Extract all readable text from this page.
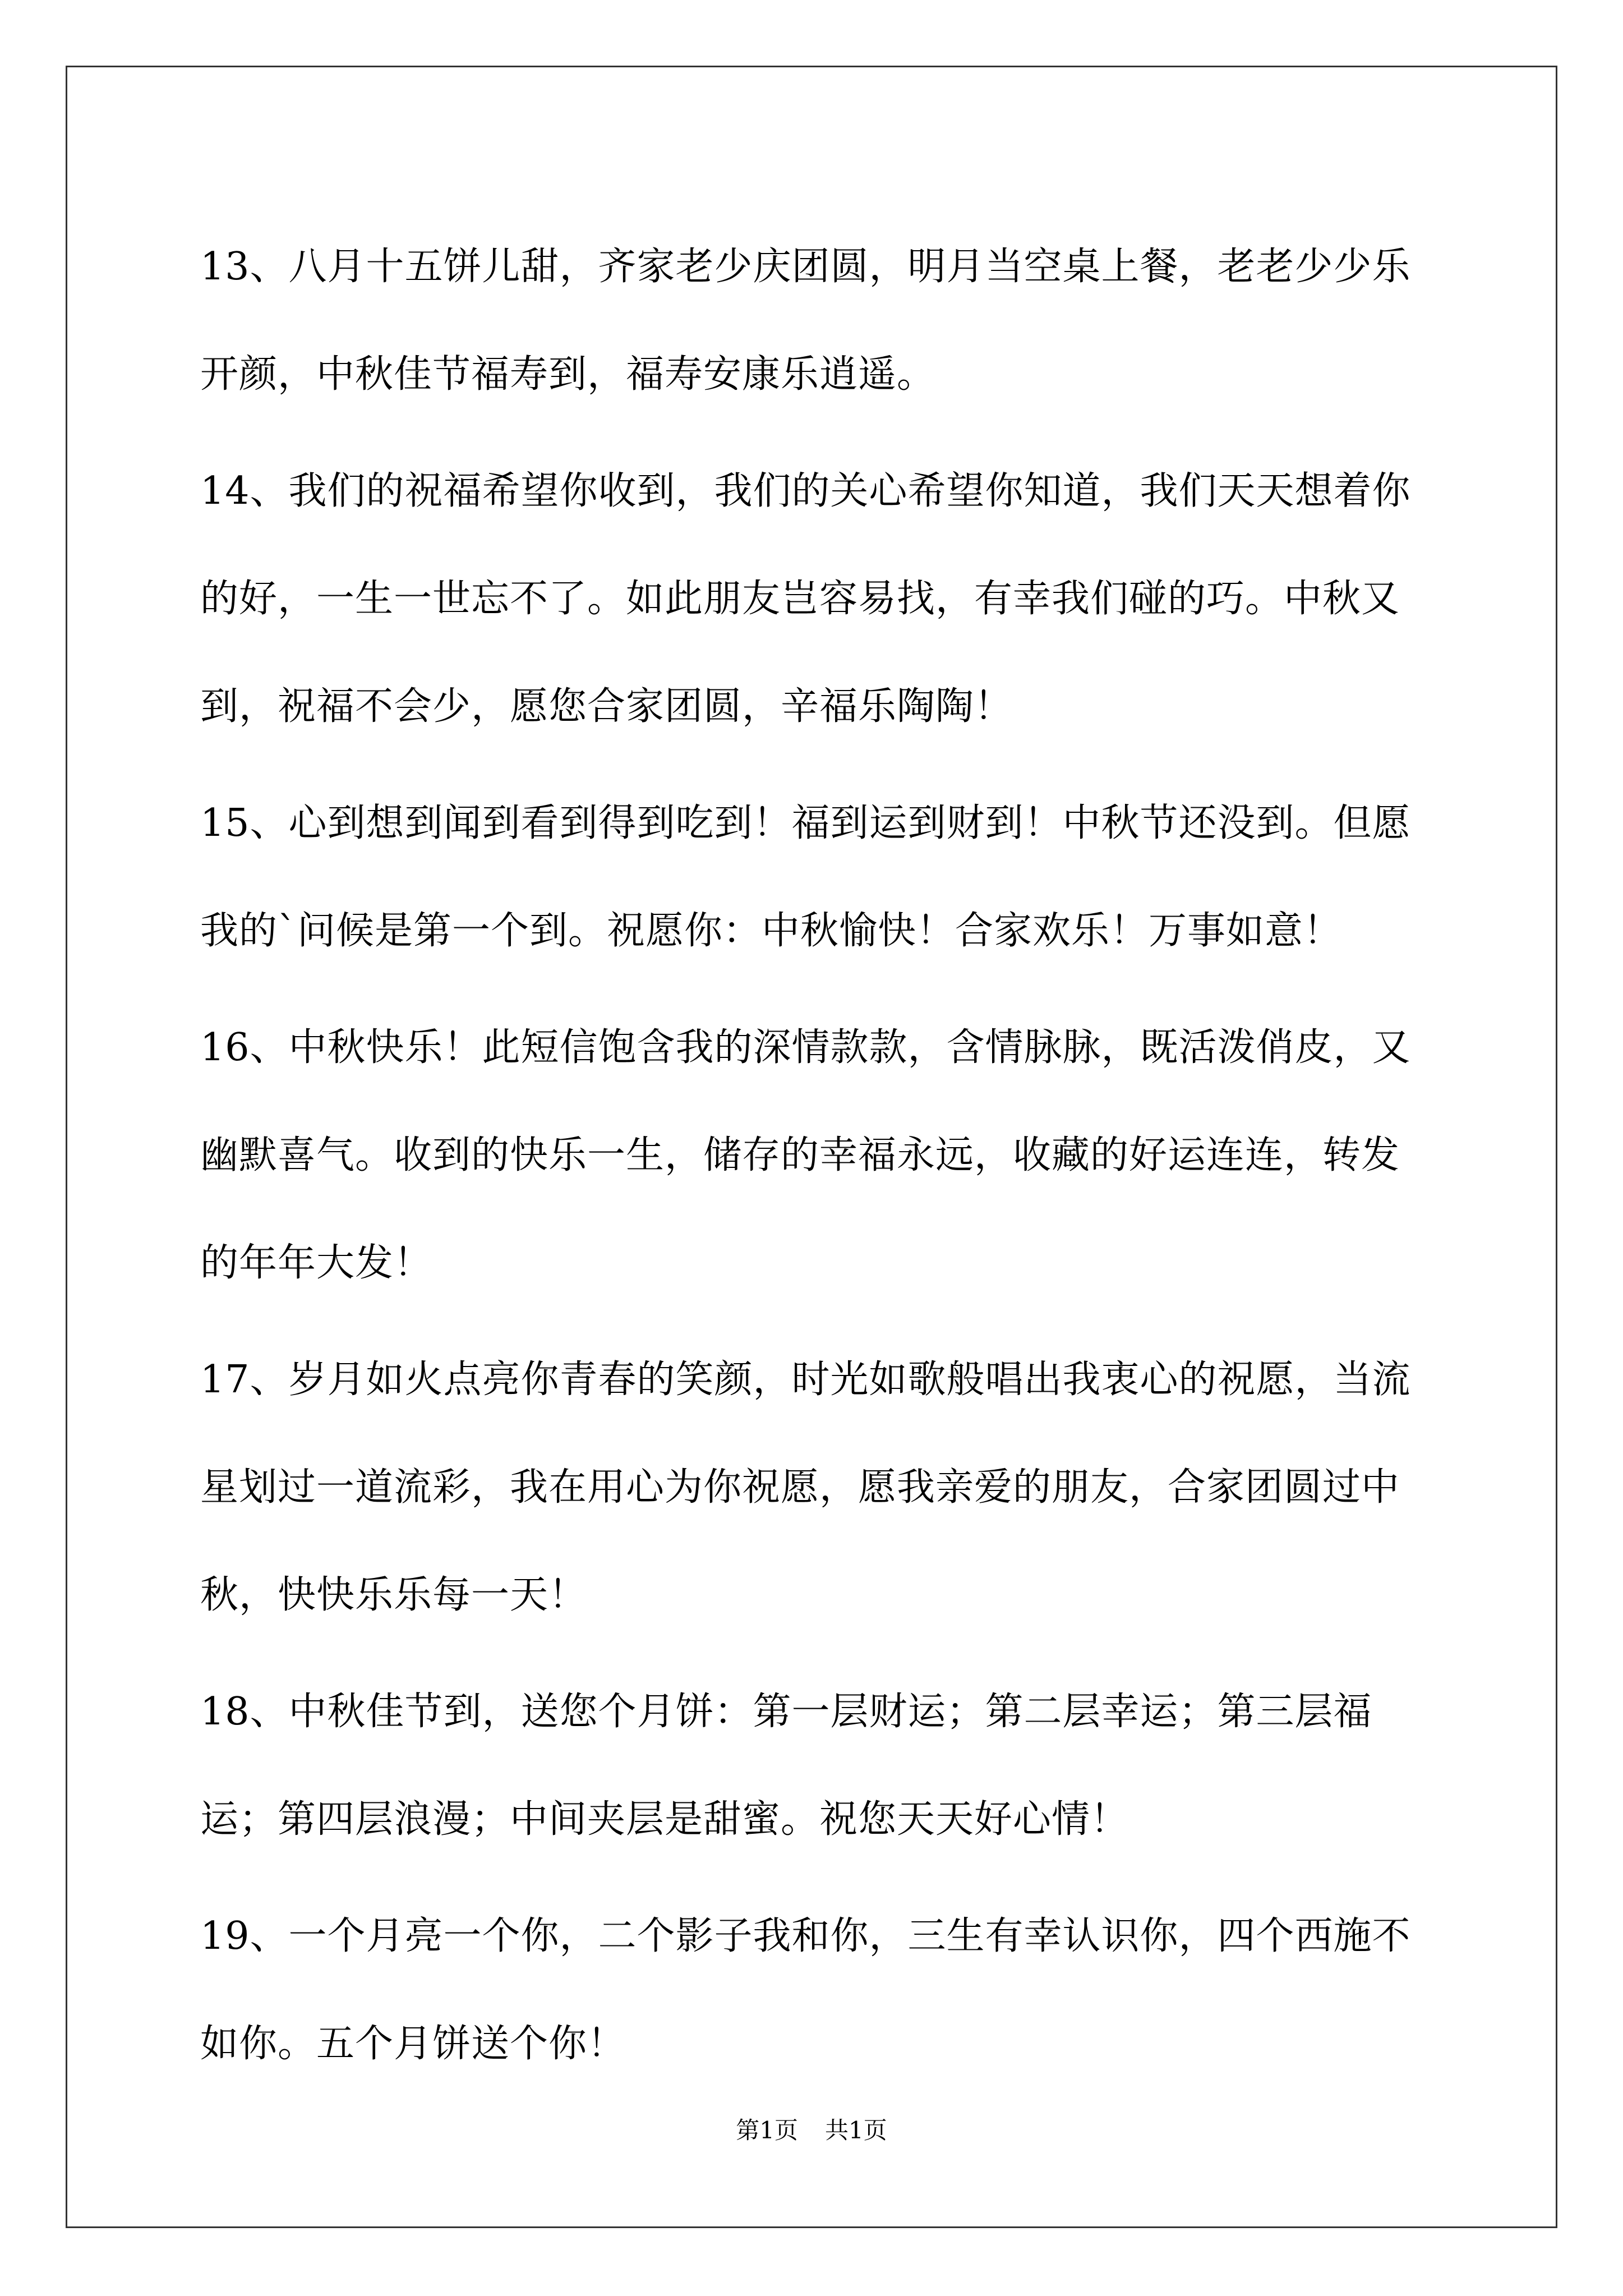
13、八月十五饼儿甜，齐家老少庆团圆，明月当空桌上餐，老老少少乐开颜，中秋佳节福寿到，福寿安康乐逍遥。

14、我们的祝福希望你收到，我们的关心希望你知道，我们天天想着你的好，一生一世忘不了。如此朋友岂容易找，有幸我们碰的巧。中秋又到，祝福不会少，愿您合家团圆，辛福乐陶陶！

15、心到想到闻到看到得到吃到！福到运到财到！中秋节还没到。但愿我的`问候是第一个到。祝愿你：中秋愉快！合家欢乐！万事如意！

16、中秋快乐！此短信饱含我的深情款款，含情脉脉，既活泼俏皮，又幽默喜气。收到的快乐一生，储存的幸福永远，收藏的好运连连，转发的年年大发！

17、岁月如火点亮你青春的笑颜，时光如歌般唱出我衷心的祝愿，当流星划过一道流彩，我在用心为你祝愿，愿我亲爱的朋友，合家团圆过中秋，快快乐乐每一天！

18、中秋佳节到，送您个月饼：第一层财运；第二层幸运；第三层福运；第四层浪漫；中间夹层是甜蜜。祝您天天好心情！

19、一个月亮一个你，二个影子我和你，三生有幸认识你，四个西施不如你。五个月饼送个你！

第1页 共1页
